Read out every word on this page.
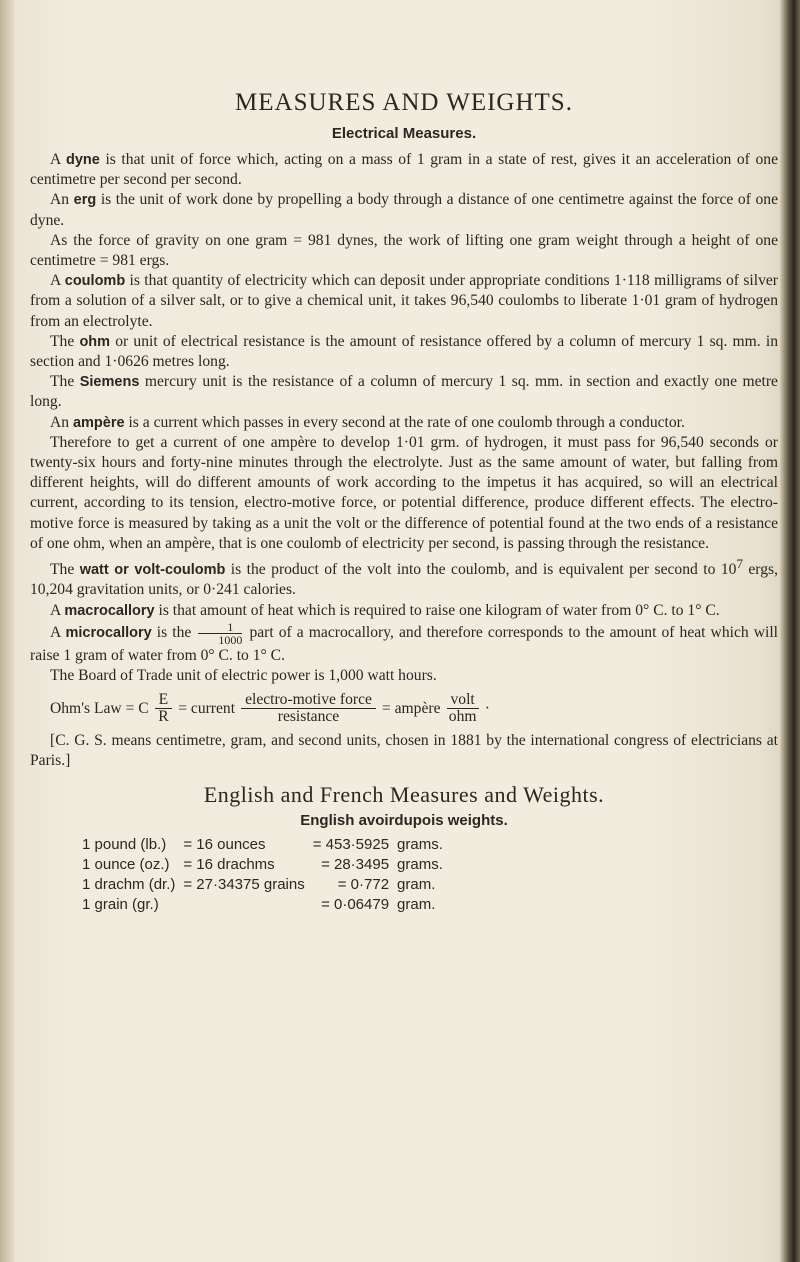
MEASURES AND WEIGHTS.
Electrical Measures.

A dyne is that unit of force which, acting on a mass of 1 gram in a state of rest, gives it an acceleration of one centimetre per second per second.

An erg is the unit of work done by propelling a body through a distance of one centimetre against the force of one dyne.

As the force of gravity on one gram = 981 dynes, the work of lifting one gram weight through a height of one centimetre = 981 ergs.

A coulomb is that quantity of electricity which can deposit under appropriate conditions 1·118 milligrams of silver from a solution of a silver salt, or to give a chemical unit, it takes 96,540 coulombs to liberate 1·01 gram of hydrogen from an electrolyte.

The ohm or unit of electrical resistance is the amount of resistance offered by a column of mercury 1 sq. mm. in section and 1·0626 metres long.

The Siemens mercury unit is the resistance of a column of mercury 1 sq. mm. in section and exactly one metre long.

An ampère is a current which passes in every second at the rate of one coulomb through a conductor.

Therefore to get a current of one ampère to develop 1·01 grm. of hydrogen, it must pass for 96,540 seconds or twenty-six hours and forty-nine minutes through the electrolyte. Just as the same amount of water, but falling from different heights, will do different amounts of work according to the impetus it has acquired, so will an electrical current, according to its tension, electro-motive force, or potential difference, produce different effects. The electro-motive force is measured by taking as a unit the volt or the difference of potential found at the two ends of a resistance of one ohm, when an ampère, that is one coulomb of electricity per second, is passing through the resistance.

The watt or volt-coulomb is the product of the volt into the coulomb, and is equivalent per second to $10^7$ ergs, 10,204 gravitation units, or 0·241 calories.

A macrocallory is that amount of heat which is required to raise one kilogram of water from 0° C. to 1° C.

A microcallory is the $\frac{1}{1000}$ part of a macrocallory, and therefore corresponds to the amount of heat which will raise 1 gram of water from 0° C. to 1° C.

The Board of Trade unit of electric power is 1,000 watt hours.

Ohm's Law = C $\frac{E}{R}$ = current electro-motive force
resistance	= ampère volt
ohm ·

[C. G. S. means centimetre, gram, and second units, chosen in 1881 by the international congress of electricians at Paris.]

English and French Measures and Weights.
English avoirdupois weights.
1 pound (lb.)	= 16 ounces	= 453·5925	grams.
1 ounce (oz.)	= 16 drachms	= 28·3495	grams.
1 drachm (dr.)	= 27·34375 grains	= 0·772	gram.
1 grain (gr.)		= 0·06479	gram.
